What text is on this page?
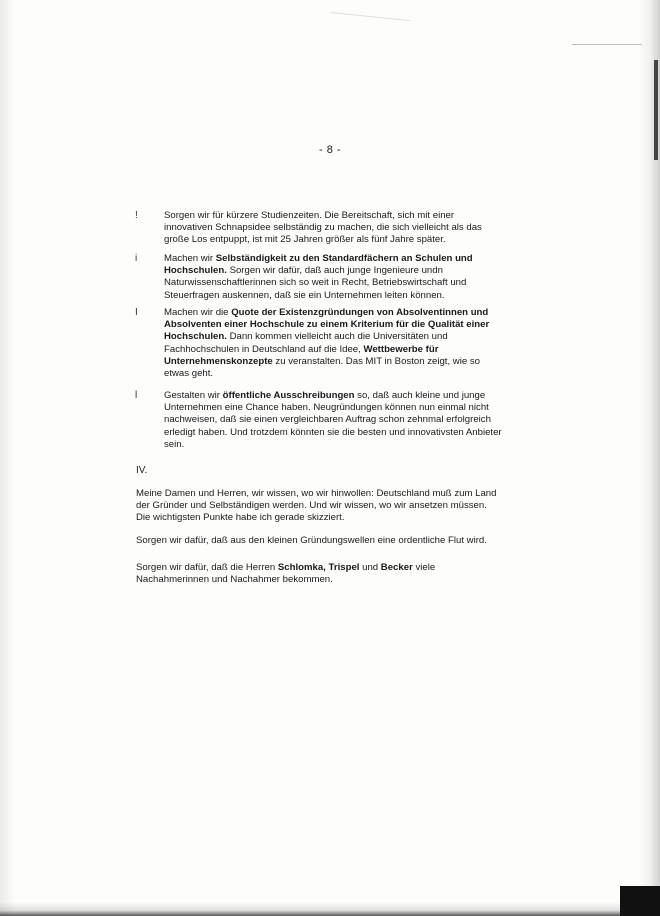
- 8 -
!	Sorgen wir für kürzere Studienzeiten. Die Bereitschaft, sich mit einer
innovativen Schnapsidee selbständig zu machen, die sich vielleicht als das
große Los entpuppt, ist mit 25 Jahren größer als fünf Jahre später.
i	Machen wir Selbständigkeit zu den Standardfächern an Schulen und
Hochschulen. Sorgen wir dafür, daß auch junge Ingenieure undn
Naturwissenschaftlerinnen sich so weit in Recht, Betriebswirtschaft und
Steuerfragen auskennen, daß sie ein Unternehmen leiten können.
I	Machen wir die Quote der Existenzgründungen von Absolventinnen und
Absolventen einer Hochschule zu einem Kriterium für die Qualität einer
Hochschulen. Dann kommen vielleicht auch die Universitäten und
Fachhochschulen in Deutschland auf die Idee, Wettbewerbe für
Unternehmenskonzepte zu veranstalten. Das MIT in Boston zeigt, wie so
etwas geht.
l	Gestalten wir öffentliche Ausschreibungen so, daß auch kleine und junge
Unternehmen eine Chance haben. Neugründungen können nun einmal nicht
nachweisen, daß sie einen vergleichbaren Auftrag schon zehnmal erfolgreich
erledigt haben. Und trotzdem könnten sie die besten und innovativsten Anbieter
sein.
IV.
Meine Damen und Herren, wir wissen, wo wir hinwollen: Deutschland muß zum Land
der Gründer und Selbständigen werden. Und wir wissen, wo wir ansetzen müssen.
Die wichtigsten Punkte habe ich gerade skizziert.
Sorgen wir dafür, daß aus den kleinen Gründungswellen eine ordentliche Flut wird.
Sorgen wir dafür, daß die Herren Schlomka, Trispel und Becker viele
Nachahmerinnen und Nachahmer bekommen.
